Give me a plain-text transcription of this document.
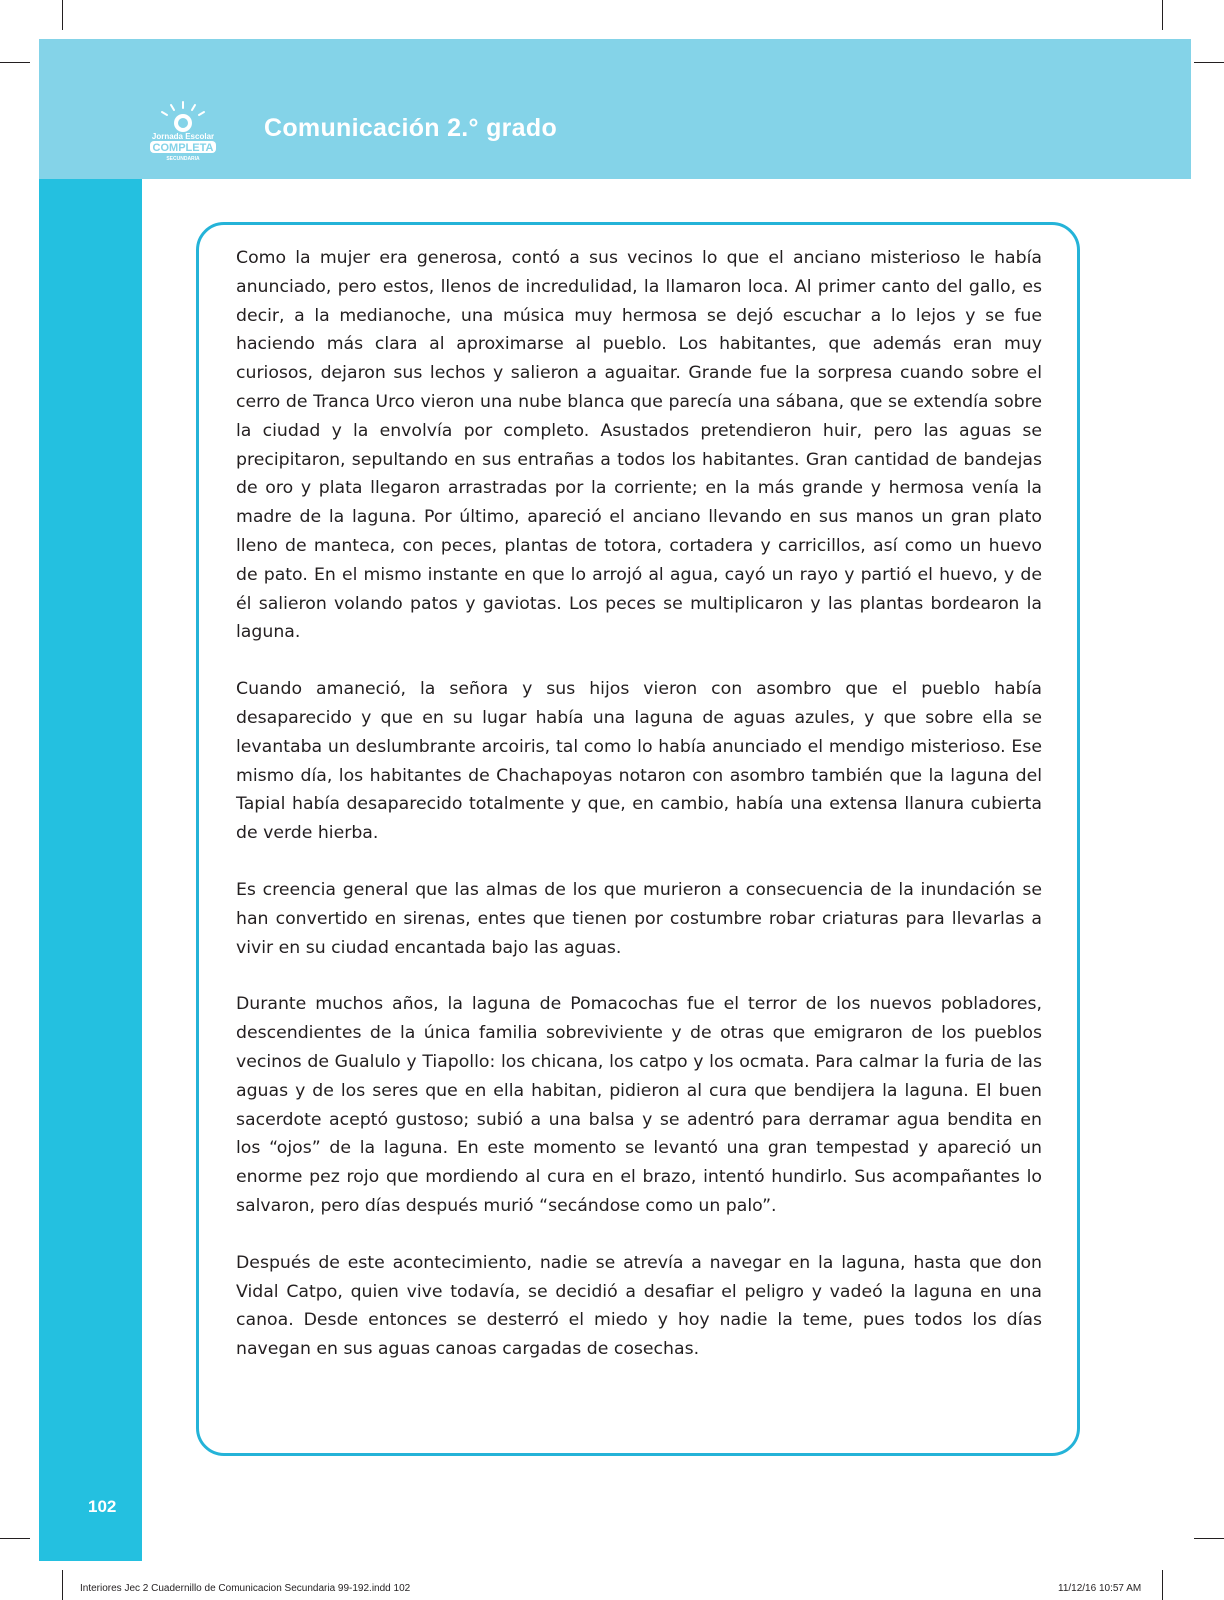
Jornada Escolar
COMPLETA
SECUNDARIA
Comunicación 2.° grado

Como la mujer era generosa, contó a sus vecinos lo que el anciano misterioso le había anunciado, pero estos, llenos de incredulidad, la llamaron loca. Al primer canto del gallo, es decir, a la medianoche, una música muy hermosa se dejó escuchar a lo lejos y se fue haciendo más clara al aproximarse al pueblo. Los habitantes, que además eran muy curiosos, dejaron sus lechos y salieron a aguaitar. Grande fue la sorpresa cuando sobre el cerro de Tranca Urco vieron una nube blanca que parecía una sábana, que se extendía sobre la ciudad y la envolvía por completo. Asustados pretendieron huir, pero las aguas se precipitaron, sepultando en sus entrañas a todos los habitantes. Gran cantidad de bandejas de oro y plata llegaron arrastradas por la corriente; en la más grande y hermosa venía la madre de la laguna. Por último, apareció el anciano llevando en sus manos un gran plato lleno de manteca, con peces, plantas de totora, cortadera y carricillos, así como un huevo de pato. En el mismo instante en que lo arrojó al agua, cayó un rayo y partió el huevo, y de él salieron volando patos y gaviotas. Los peces se multiplicaron y las plantas bordearon la laguna.

Cuando amaneció, la señora y sus hijos vieron con asombro que el pueblo había desaparecido y que en su lugar había una laguna de aguas azules, y que sobre ella se levantaba un deslumbrante arcoiris, tal como lo había anunciado el mendigo misterioso. Ese mismo día, los habitantes de Chachapoyas notaron con asombro también que la laguna del Tapial había desaparecido totalmente y que, en cambio, había una extensa llanura cubierta de verde hierba.

Es creencia general que las almas de los que murieron a consecuencia de la inundación se han convertido en sirenas, entes que tienen por costumbre robar criaturas para llevarlas a vivir en su ciudad encantada bajo las aguas.

Durante muchos años, la laguna de Pomacochas fue el terror de los nuevos pobladores, descendientes de la única familia sobreviviente y de otras que emigraron de los pueblos vecinos de Gualulo y Tiapollo: los chicana, los catpo y los ocmata. Para calmar la furia de las aguas y de los seres que en ella habitan, pidieron al cura que bendijera la laguna. El buen sacerdote aceptó gustoso; subió a una balsa y se adentró para derramar agua bendita en los “ojos” de la laguna. En este momento se levantó una gran tempestad y apareció un enorme pez rojo que mordiendo al cura en el brazo, intentó hundirlo. Sus acompañantes lo salvaron, pero días después murió “secándose como un palo”.

Después de este acontecimiento, nadie se atrevía a navegar en la laguna, hasta que don Vidal Catpo, quien vive todavía, se decidió a desafiar el peligro y vadeó la laguna en una canoa. Desde entonces se desterró el miedo y hoy nadie la teme, pues todos los días navegan en sus aguas canoas cargadas de cosechas.

102
Interiores Jec 2 Cuadernillo de Comunicacion Secundaria 99-192.indd 102	11/12/16 10:57 AM
